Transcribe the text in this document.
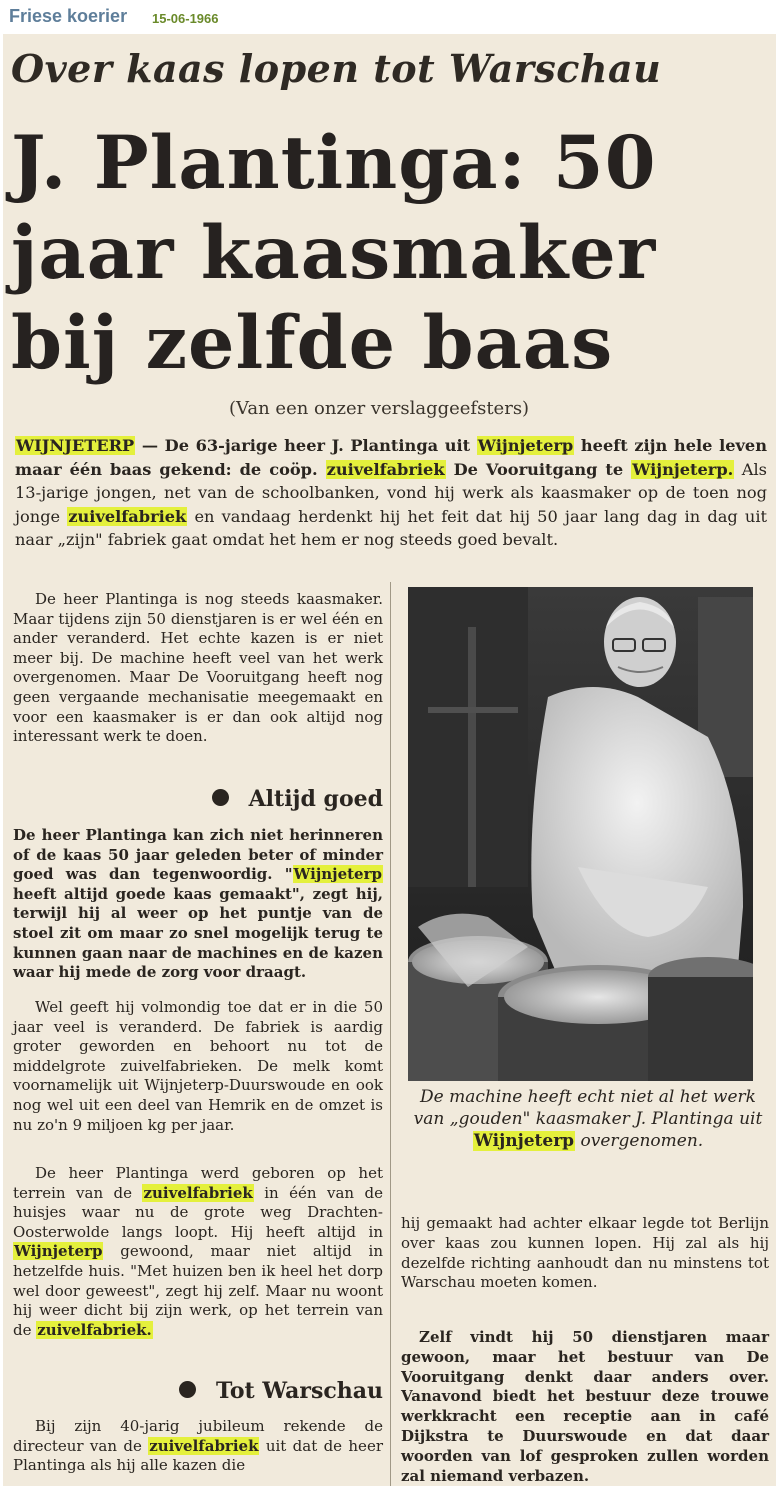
Friese koerier 15-06-1966
Over kaas lopen tot Warschau
J. Plantinga: 50
jaar kaasmaker
bij zelfde baas
(Van een onzer verslaggeefsters)
WIJNJETERP — De 63-jarige heer J. Plantinga uit Wijnjeterp heeft zijn hele leven maar één baas gekend: de coöp. zuivelfabriek De Vooruitgang te Wijnjeterp. Als 13-jarige jongen, net van de schoolbanken, vond hij werk als kaasmaker op de toen nog jonge zuivelfabriek en vandaag herdenkt hij het feit dat hij 50 jaar lang dag in dag uit naar „zijn" fabriek gaat omdat het hem er nog steeds goed bevalt.

De heer Plantinga is nog steeds kaasmaker. Maar tijdens zijn 50 dienstjaren is er wel één en ander veranderd. Het echte kazen is er niet meer bij. De machine heeft veel van het werk overgenomen. Maar De Vooruitgang heeft nog geen vergaande mechanisatie meegemaakt en voor een kaasmaker is er dan ook altijd nog interessant werk te doen.

Altijd goed

De heer Plantinga kan zich niet herinneren of de kaas 50 jaar geleden beter of minder goed was dan tegenwoordig. "Wijnjeterp heeft altijd goede kaas gemaakt", zegt hij, terwijl hij al weer op het puntje van de stoel zit om maar zo snel mogelijk terug te kunnen gaan naar de machines en de kazen waar hij mede de zorg voor draagt.

Wel geeft hij volmondig toe dat er in die 50 jaar veel is veranderd. De fabriek is aardig groter geworden en behoort nu tot de middelgrote zuivelfabrieken. De melk komt voornamelijk uit Wijnjeterp-Duurswoude en ook nog wel uit een deel van Hemrik en de omzet is nu zo'n 9 miljoen kg per jaar.

De heer Plantinga werd geboren op het terrein van de zuivelfabriek in één van de huisjes waar nu de grote weg Drachten-Oosterwolde langs loopt. Hij heeft altijd in Wijnjeterp gewoond, maar niet altijd in hetzelfde huis. "Met huizen ben ik heel het dorp wel door geweest", zegt hij zelf. Maar nu woont hij weer dicht bij zijn werk, op het terrein van de zuivelfabriek.

Tot Warschau

Bij zijn 40-jarig jubileum rekende de directeur van de zuivelfabriek uit dat de heer Plantinga als hij alle kazen die

De machine heeft echt niet al het werk van „gouden" kaasmaker J. Plantinga uit Wijnjeterp overgenomen.

hij gemaakt had achter elkaar legde tot Berlijn over kaas zou kunnen lopen. Hij zal als hij dezelfde richting aanhoudt dan nu minstens tot Warschau moeten komen.

Zelf vindt hij 50 dienstjaren maar gewoon, maar het bestuur van De Vooruitgang denkt daar anders over. Vanavond biedt het bestuur deze trouwe werkkracht een receptie aan in café Dijkstra te Duurswoude en dat daar woorden van lof gesproken zullen worden zal niemand verbazen.
